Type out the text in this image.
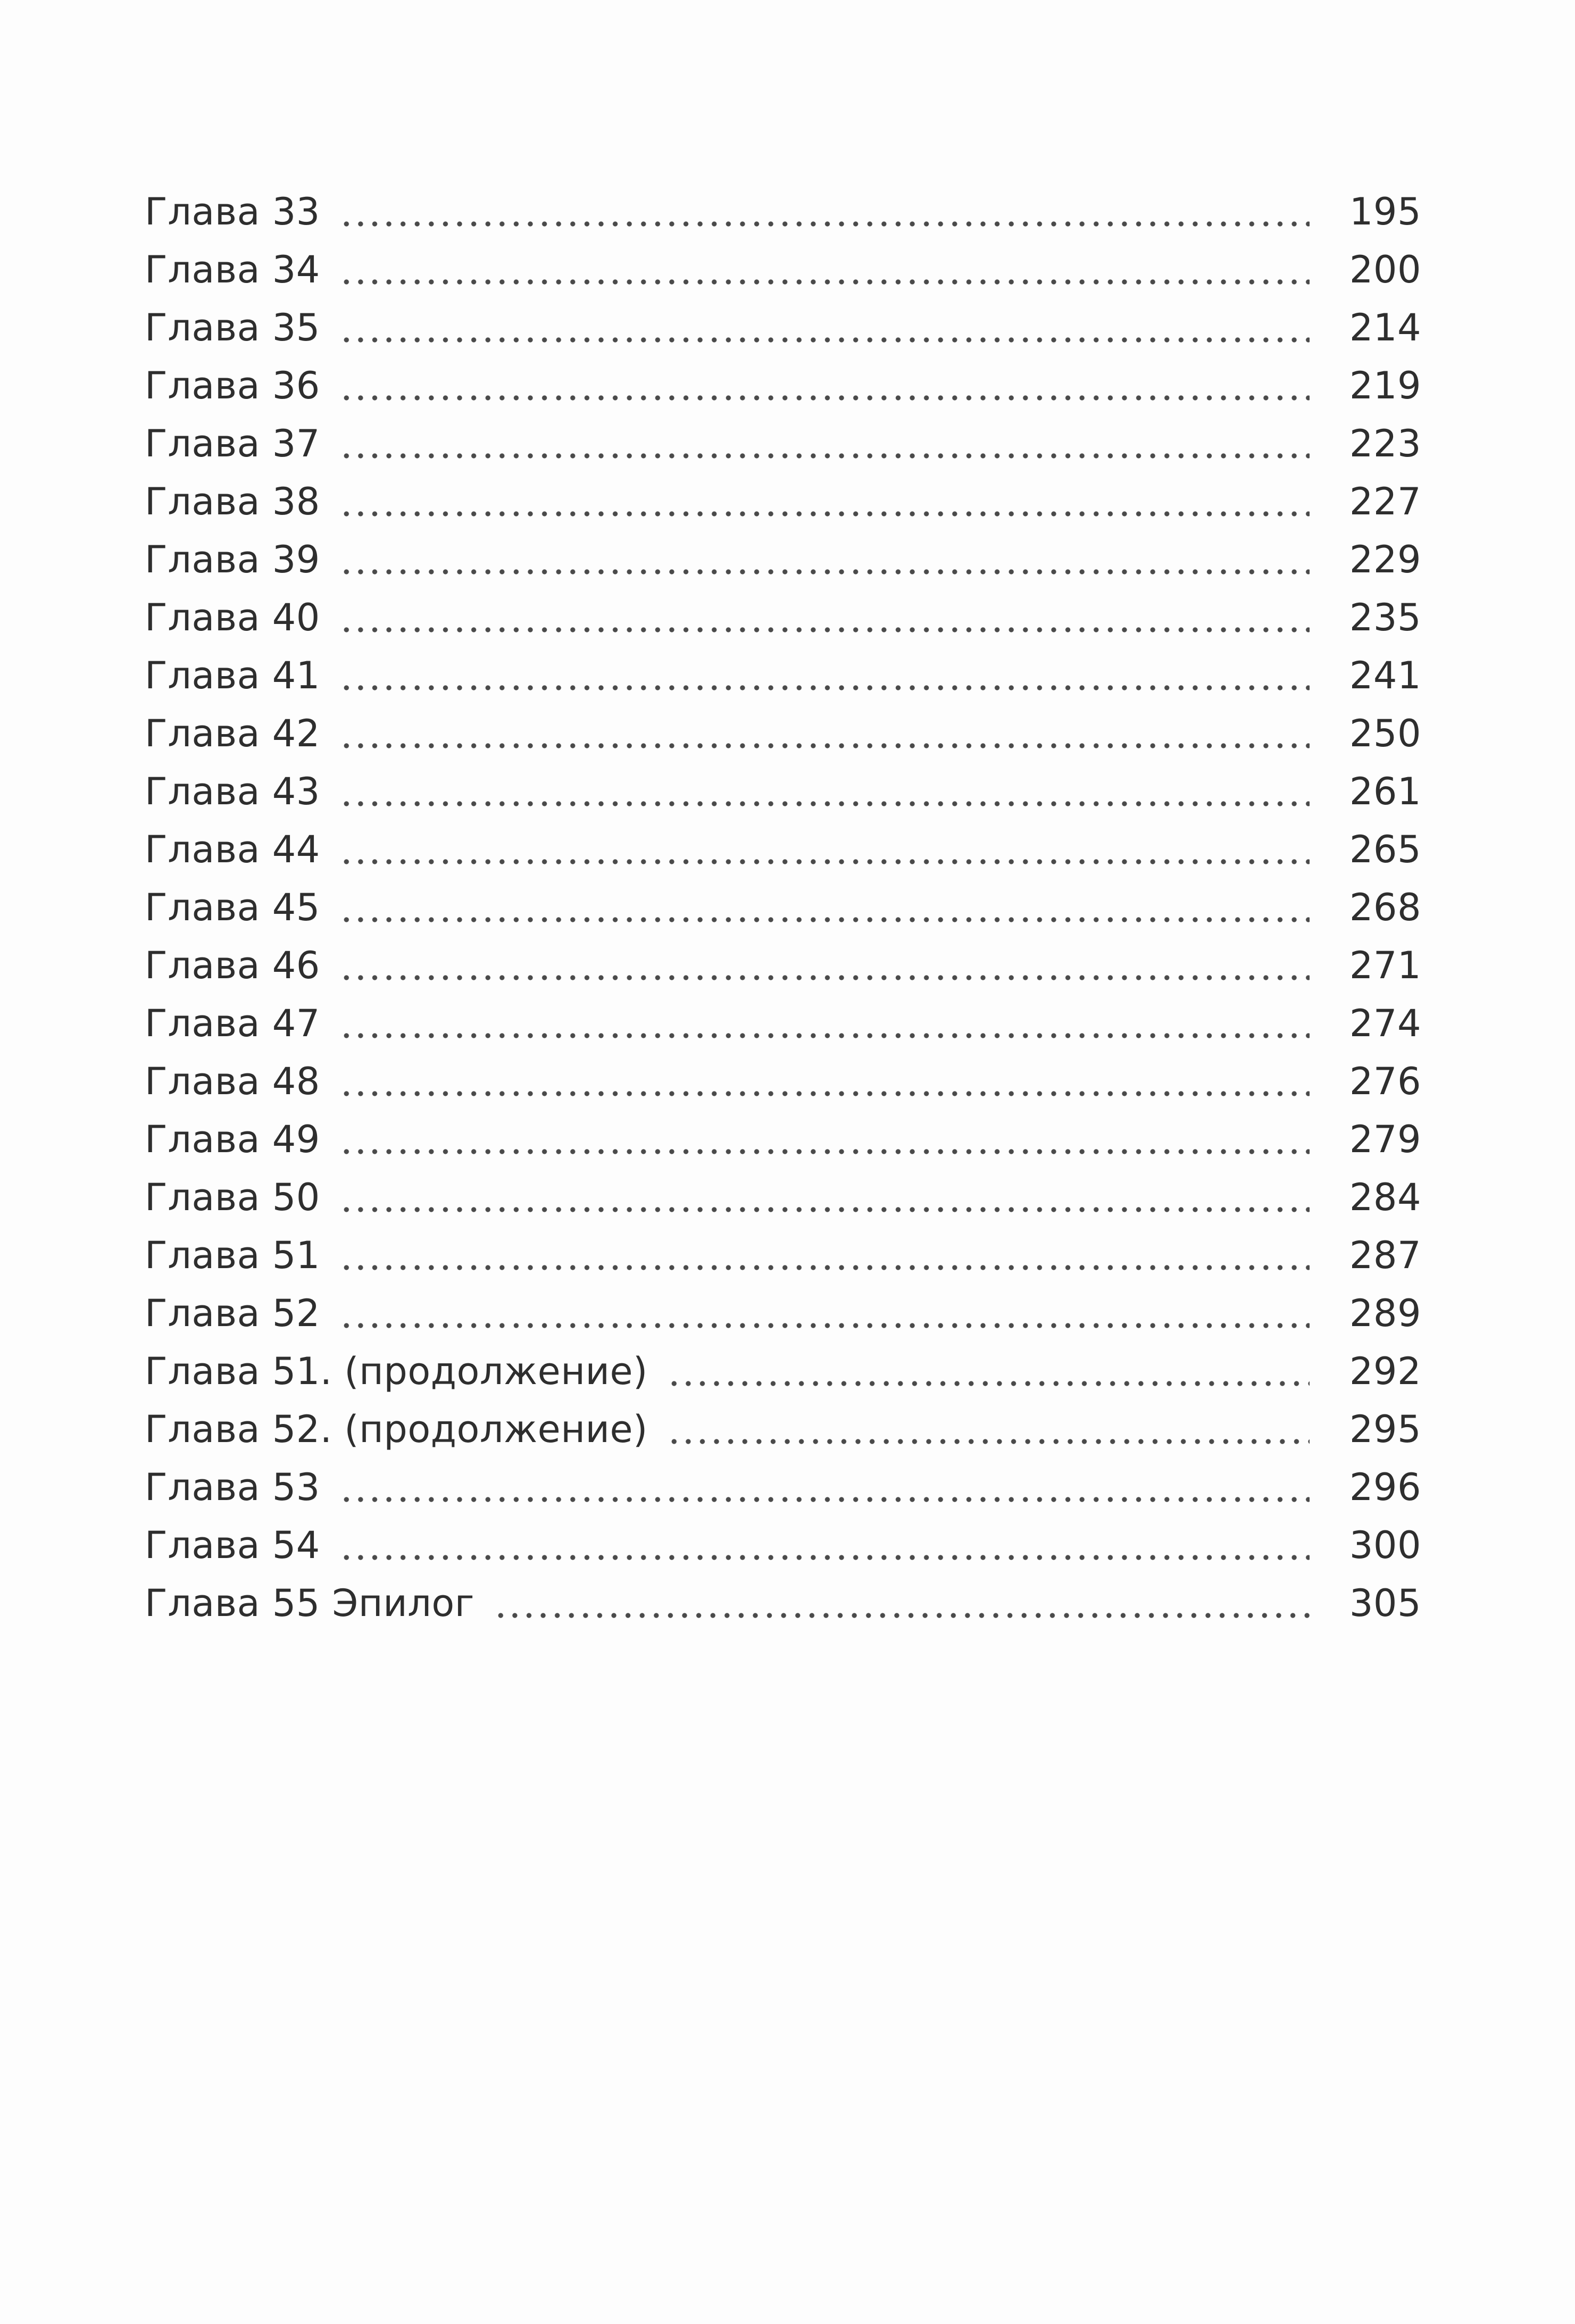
Глава 33	195
Глава 34	200
Глава 35	214
Глава 36	219
Глава 37	223
Глава 38	227
Глава 39	229
Глава 40	235
Глава 41	241
Глава 42	250
Глава 43	261
Глава 44	265
Глава 45	268
Глава 46	271
Глава 47	274
Глава 48	276
Глава 49	279
Глава 50	284
Глава 51	287
Глава 52	289
Глава 51. (продолжение)	292
Глава 52. (продолжение)	295
Глава 53	296
Глава 54	300
Глава 55 Эпилог	305
